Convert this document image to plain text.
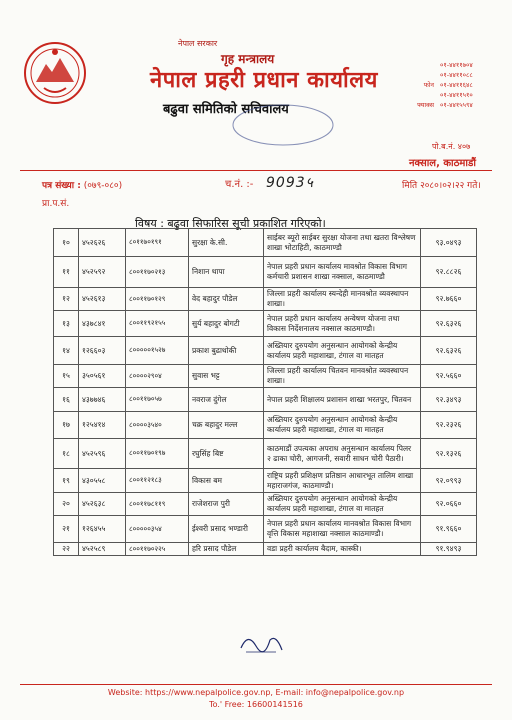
नेपाल सरकार
गृह मन्त्रालय
नेपाल प्रहरी प्रधान कार्यालय
बढुवा समितिको सचिवालय
०१-४४११७०४
०१-४४११०८८
फोन ०१-४४११६४८
०१-४४११५१०
फ्याक्स ०१-४४१५५९४
पो.ब.नं. ४०७
नक्साल, काठमाडौं
पत्र संख्या : (०७९-०८०)	च.नं. :- 9093५	मिति २०८०।०२।२२ गते।
प्रा.प.सं.
विषय : बढुवा सिफारिस सूची प्रकाशित गरिएको।
१०	४५२६२६	८०११७०१९१	सुरक्षा के.सी.	साईबर ब्यूरो साईबर सुरक्षा योजना तथा खतरा विश्लेषण शाखा भोटाहिटी, काठमाण्डौ	९३.०४९३
११	४५२५९२	८००११७०२१३	निशान थापा	नेपाल प्रहरी प्रधान कार्यालय मावश्रोत विकास विभाग कर्मचारी प्रशासन शाखा नक्साल, काठमाण्डौ	९२.८८२६
१२	४५२६१३	८००११७०१२९	वेद बहादुर पौडेल	जिल्ला प्रहरी कार्यालय स्यन्देही मानवश्रोत व्यवस्थापन शाखा।	९२.७६६०
१३	४३७८४१	८००११९२१५५	सुर्य बहादुर बोगटी	नेपाल प्रहरी प्रधान कार्यालय अन्वेषण योजना तथा विकास निर्देशनालय नक्साल काठमाण्डौ।	९२.६३२६
१४	१२६६०३	८०००००१५२७	प्रकाश बुढाथोकी	अख्तियार दुरुपयोग अनुसन्धान आयोगको केन्द्रीय कार्यालय प्रहरी महाशाखा, टंगाल वा मातहत	९२.६३२६
१५	३५०५६१	८००००२९०४	सुवास भट्ट	जिल्ला प्रहरी कार्यालय चितवन मानवश्रोत व्यवस्थापन शाखा।	९२.५६६०
१६	४३७७४६	८००११७०५७	नवराज दुंगेल	नेपाल प्रहरी शिक्षालय प्रशासन शाखा भरतपुर, चितवन	९२.३४९३
१७	१२५४१४	८००००३५४०	चक्र बहादुर मल्ल	अख्तियार दुरुपयोग अनुसन्धान आयोगको केन्द्रीय कार्यालय प्रहरी महाशाखा, टंगाल वा मातहत	९२.२३२६
१८	४५२५९६	८००११७०१९७	रघुसिंह बिष्ट	काठमाडौं उपत्यका अपराध अनुसन्धान कार्यालय पिलर २ ढाका चोरी, आगजनी, सवारी साधन चोरी पैठारी।	९२.१३२६
१९	४३०५५८	८००११२१८३	विकास बम	राष्ट्रिय प्रहरी प्रशिक्षण प्रतिष्ठान आधारभूत तालिम शाखा महाराजगंज, काठमाण्डौ।	९२.०९९३
२०	४५२६३८	८००११७८११९	राजेशराज पुरी	अख्तियार दुरुपयोग अनुसन्धान आयोगको केन्द्रीय कार्यालय प्रहरी महाशाखा, टंगाल वा मातहत	९२.०६६०
२१	१२६४५५	८०००००३५४	ईश्वरी प्रसाद भण्डारी	नेपाल प्रहरी प्रधान कार्यालय मानवश्रोत विकास विभाग वृत्ति विकास महाशाखा नक्साल काठमाण्डौ।	९१.९६६०
२२	४५२५८९	८००११७०२२५	हरि प्रसाद पौडेल	वडा प्रहरी कार्यालय बैदाम, कास्की।	९१.९४९३
Website: https://www.nepalpolice.gov.np, E-mail: info@nepalpolice.gov.np
To.' Free: 16600141516
